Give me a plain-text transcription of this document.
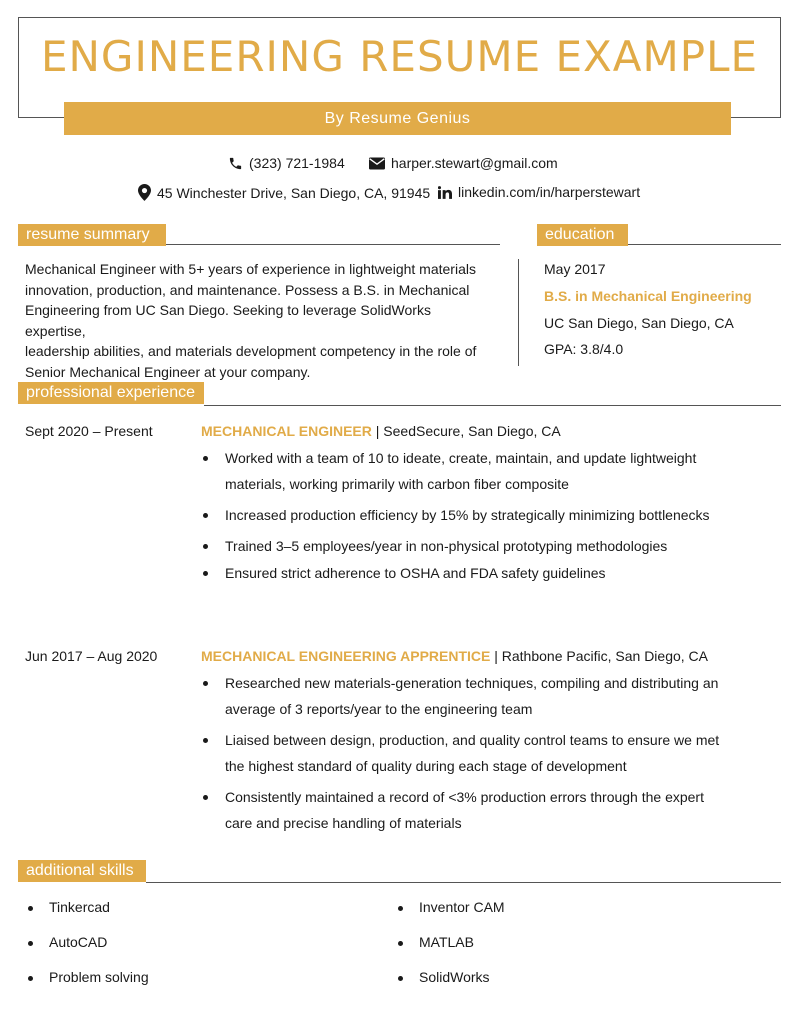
ENGINEERING RESUME EXAMPLE
By Resume Genius
(323) 721-1984	harper.stewart@gmail.com
45 Winchester Drive, San Diego, CA, 91945 linkedin.com/in/harperstewart
resume summary
Mechanical Engineer with 5+ years of experience in lightweight materials
innovation, production, and maintenance. Possess a B.S. in Mechanical
Engineering from UC San Diego. Seeking to leverage SolidWorks expertise,
leadership abilities, and materials development competency in the role of
Senior Mechanical Engineer at your company.
education
May 2017
B.S. in Mechanical Engineering
UC San Diego, San Diego, CA
GPA: 3.8/4.0
professional experience
Sept 2020 – Present	MECHANICAL ENGINEER | SeedSecure, San Diego, CA
Worked with a team of 10 to ideate, create, maintain, and update lightweight materials, working primarily with carbon fiber composite
Increased production efficiency by 15% by strategically minimizing bottlenecks
Trained 3–5 employees/year in non-physical prototyping methodologies
Ensured strict adherence to OSHA and FDA safety guidelines
Jun 2017 – Aug 2020	MECHANICAL ENGINEERING APPRENTICE | Rathbone Pacific, San Diego, CA
Researched new materials-generation techniques, compiling and distributing an average of 3 reports/year to the engineering team
Liaised between design, production, and quality control teams to ensure we met the highest standard of quality during each stage of development
Consistently maintained a record of <3% production errors through the expert care and precise handling of materials
additional skills
Tinkercad
AutoCAD
Problem solving
Inventor CAM
MATLAB
SolidWorks
